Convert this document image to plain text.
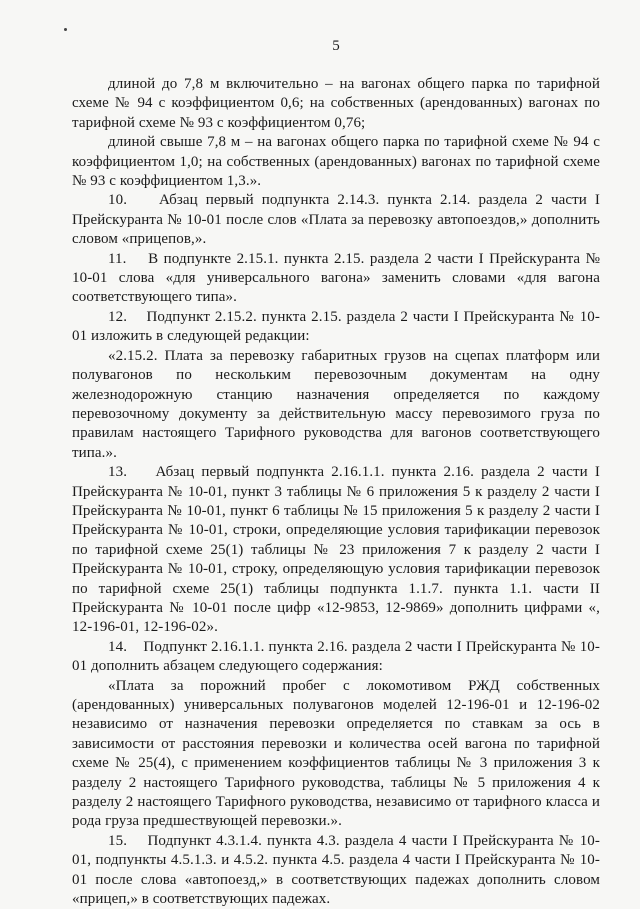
5

длиной до 7,8 м включительно – на вагонах общего парка по тарифной схеме № 94 с коэффициентом 0,6; на собственных (арендованных) вагонах по тарифной схеме № 93 с коэффициентом 0,76;

длиной свыше 7,8 м – на вагонах общего парка по тарифной схеме № 94 с коэффициентом 1,0; на собственных (арендованных) вагонах по тарифной схеме № 93 с коэффициентом 1,3.».

10.    Абзац первый подпункта 2.14.3. пункта 2.14. раздела 2 части I Прейскуранта № 10-01 после слов «Плата за перевозку автопоездов,» дополнить словом «прицепов,».

11.    В подпункте 2.15.1. пункта 2.15. раздела 2 части I Прейскуранта № 10-01 слова «для универсального вагона» заменить словами «для вагона соответствующего типа».

12.    Подпункт 2.15.2. пункта 2.15. раздела 2 части I Прейскуранта № 10-01 изложить в следующей редакции:

«2.15.2. Плата за перевозку габаритных грузов на сцепах платформ или полувагонов по нескольким перевозочным документам на одну железнодорожную станцию назначения определяется по каждому перевозочному документу за действительную массу перевозимого груза по правилам настоящего Тарифного руководства для вагонов соответствующего типа.».

13.    Абзац первый подпункта 2.16.1.1. пункта 2.16. раздела 2 части I Прейскуранта № 10-01, пункт 3 таблицы № 6 приложения 5 к разделу 2 части I Прейскуранта № 10-01, пункт 6 таблицы № 15 приложения 5 к разделу 2 части I Прейскуранта № 10-01, строки, определяющие условия тарификации перевозок по тарифной схеме 25(1) таблицы № 23 приложения 7 к разделу 2 части I Прейскуранта № 10-01, строку, определяющую условия тарификации перевозок по тарифной схеме 25(1) таблицы подпункта 1.1.7. пункта 1.1. части II Прейскуранта № 10-01 после цифр «12-9853, 12-9869» дополнить цифрами «, 12-196-01, 12-196-02».

14.    Подпункт 2.16.1.1. пункта 2.16. раздела 2 части I Прейскуранта № 10-01 дополнить абзацем следующего содержания:

«Плата за порожний пробег с локомотивом РЖД собственных (арендованных) универсальных полувагонов моделей 12-196-01 и 12-196-02 независимо от назначения перевозки определяется по ставкам за ось в зависимости от расстояния перевозки и количества осей вагона по тарифной схеме № 25(4), с применением коэффициентов таблицы № 3 приложения 3 к разделу 2 настоящего Тарифного руководства, таблицы № 5 приложения 4 к разделу 2 настоящего Тарифного руководства, независимо от тарифного класса и рода груза предшествующей перевозки.».

15.    Подпункт 4.3.1.4. пункта 4.3. раздела 4 части I Прейскуранта № 10-01, подпункты 4.5.1.3. и 4.5.2. пункта 4.5. раздела 4 части I Прейскуранта № 10-01 после слова «автопоезд,» в соответствующих падежах дополнить словом «прицеп,» в соответствующих падежах.
